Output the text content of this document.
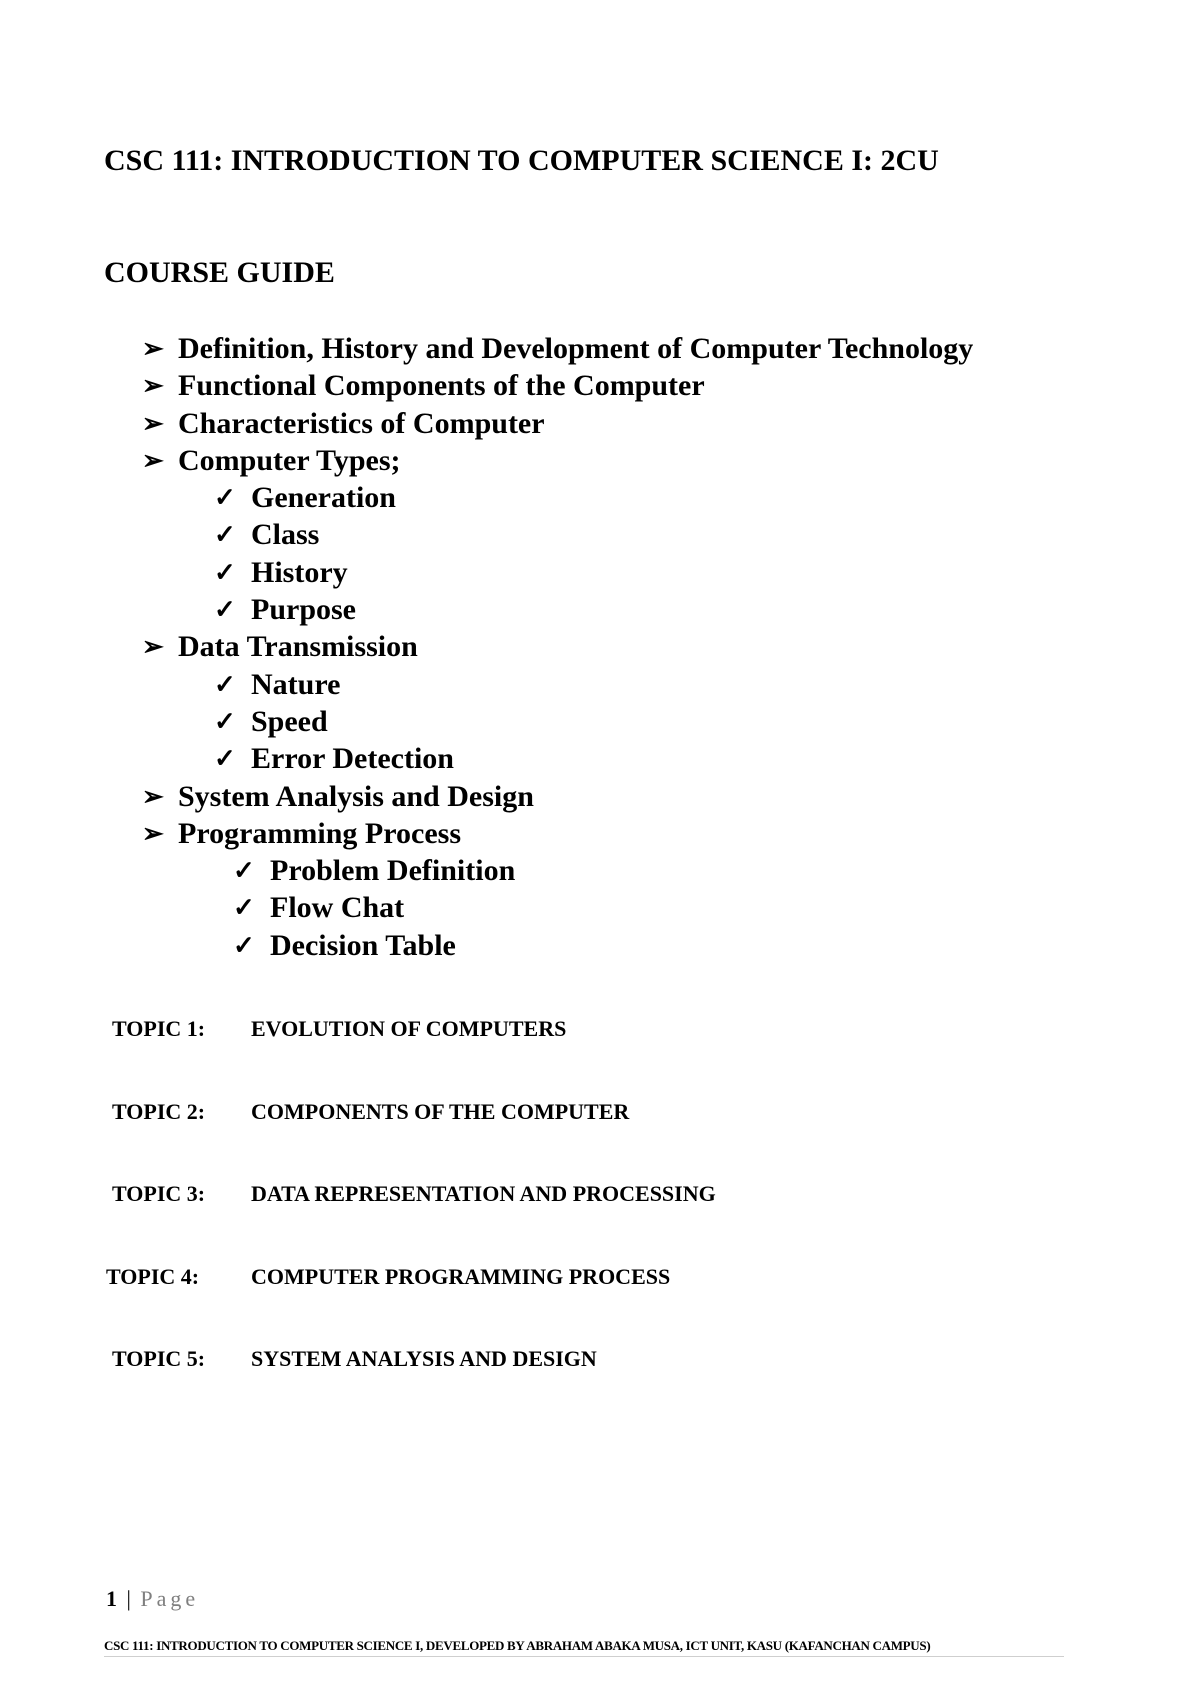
CSC 111: INTRODUCTION TO COMPUTER SCIENCE I: 2CU
COURSE GUIDE
➢ Definition, History and Development of Computer Technology
➢ Functional Components of the Computer
➢ Characteristics of Computer
➢ Computer Types;
✓ Generation
✓ Class
✓ History
✓ Purpose
➢ Data Transmission
✓ Nature
✓ Speed
✓ Error Detection
➢ System Analysis and Design
➢ Programming Process
✓ Problem Definition
✓ Flow Chat
✓ Decision Table
TOPIC 1: EVOLUTION OF COMPUTERS
TOPIC 2: COMPONENTS OF THE COMPUTER
TOPIC 3: DATA REPRESENTATION AND PROCESSING
TOPIC 4: COMPUTER PROGRAMMING PROCESS
TOPIC 5: SYSTEM ANALYSIS AND DESIGN
1 | Page
CSC 111: INTRODUCTION TO COMPUTER SCIENCE I, DEVELOPED BY ABRAHAM ABAKA MUSA, ICT UNIT, KASU (KAFANCHAN CAMPUS)
